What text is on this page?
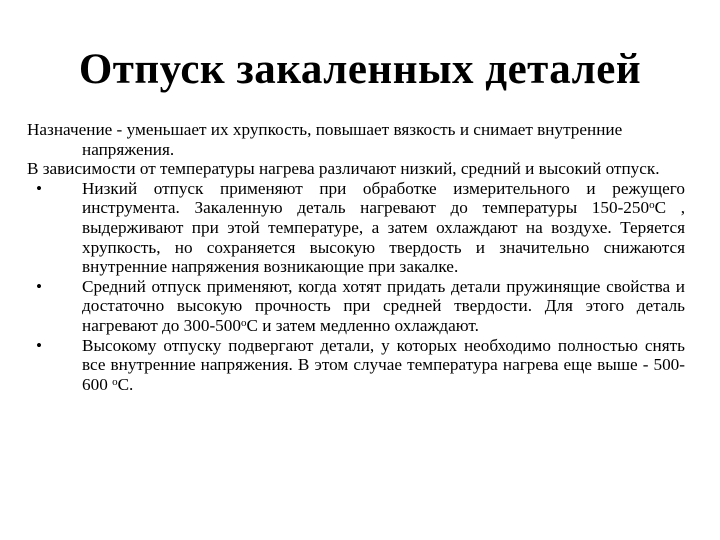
Отпуск закаленных деталей

Назначение - уменьшает их хрупкость, повышает вязкость и снимает внутренние напряжения.

В зависимости от температуры нагрева различают низкий, средний и высокий отпуск.

•	Низкий отпуск применяют при обработке измерительного и режущего инструмента. Закаленную деталь нагревают до температуры $150-250^оС$ , выдерживают при этой температуре, а затем охлаждают на воздухе. Теряется хрупкость, но сохраняется высокую твердость и значительно снижаются внутренние напряжения возникающие при закалке.

•	Средний отпуск применяют, когда хотят придать детали пружинящие свойства и достаточно высокую прочность при средней твердости. Для этого деталь нагревают до $300-500^оС$ и затем медленно охлаждают.

•	Высокому отпуску подвергают детали, у которых необходимо полностью снять все внутренние напряжения. В этом случае температура нагрева еще выше - 500-600 $^о$С.
